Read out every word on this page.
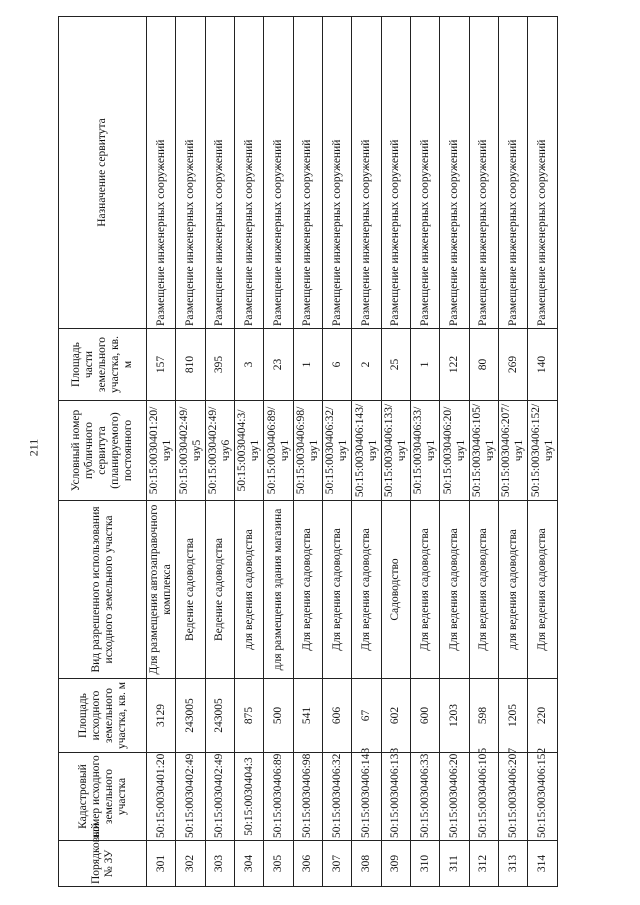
211
Порядковый № ЗУ	Кадастровый номер исходного земельного участка	Площадь исходного земельного участка, кв. м	Вид разрешенного использования исходного земельного участка	Условный номер публичного сервитута (планируемого) постоянного	Площадь части земельного участка, кв. м	Назначение сервитута
301	50:15:0030401:20	3129	Для размещения автозаправочного комплекса	50:15:0030401:20/чзу1	157	Размещение инженерных сооружений
302	50:15:0030402:49	243005	Ведение садоводства	50:15:0030402:49/чзу5	810	Размещение инженерных сооружений
303	50:15:0030402:49	243005	Ведение садоводства	50:15:0030402:49/чзу6	395	Размещение инженерных сооружений
304	50:15:0030404:3	875	для ведения садоводства	50:15:0030404:3/чзу1	3	Размещение инженерных сооружений
305	50:15:0030406:89	500	для размещения здания магазина	50:15:0030406:89/чзу1	23	Размещение инженерных сооружений
306	50:15:0030406:98	541	Для ведения садоводства	50:15:0030406:98/чзу1	1	Размещение инженерных сооружений
307	50:15:0030406:32	606	Для ведения садоводства	50:15:0030406:32/чзу1	6	Размещение инженерных сооружений
308	50:15:0030406:143	67	Для ведения садоводства	50:15:0030406:143/чзу1	2	Размещение инженерных сооружений
309	50:15:0030406:133	602	Садоводство	50:15:0030406:133/чзу1	25	Размещение инженерных сооружений
310	50:15:0030406:33	600	Для ведения садоводства	50:15:0030406:33/чзу1	1	Размещение инженерных сооружений
311	50:15:0030406:20	1203	Для ведения садоводства	50:15:0030406:20/чзу1	122	Размещение инженерных сооружений
312	50:15:0030406:105	598	Для ведения садоводства	50:15:0030406:105/чзу1	80	Размещение инженерных сооружений
313	50:15:0030406:207	1205	для ведения садоводства	50:15:0030406:207/чзу1	269	Размещение инженерных сооружений
314	50:15:0030406:152	220	Для ведения садоводства	50:15:0030406:152/чзу1	140	Размещение инженерных сооружений
